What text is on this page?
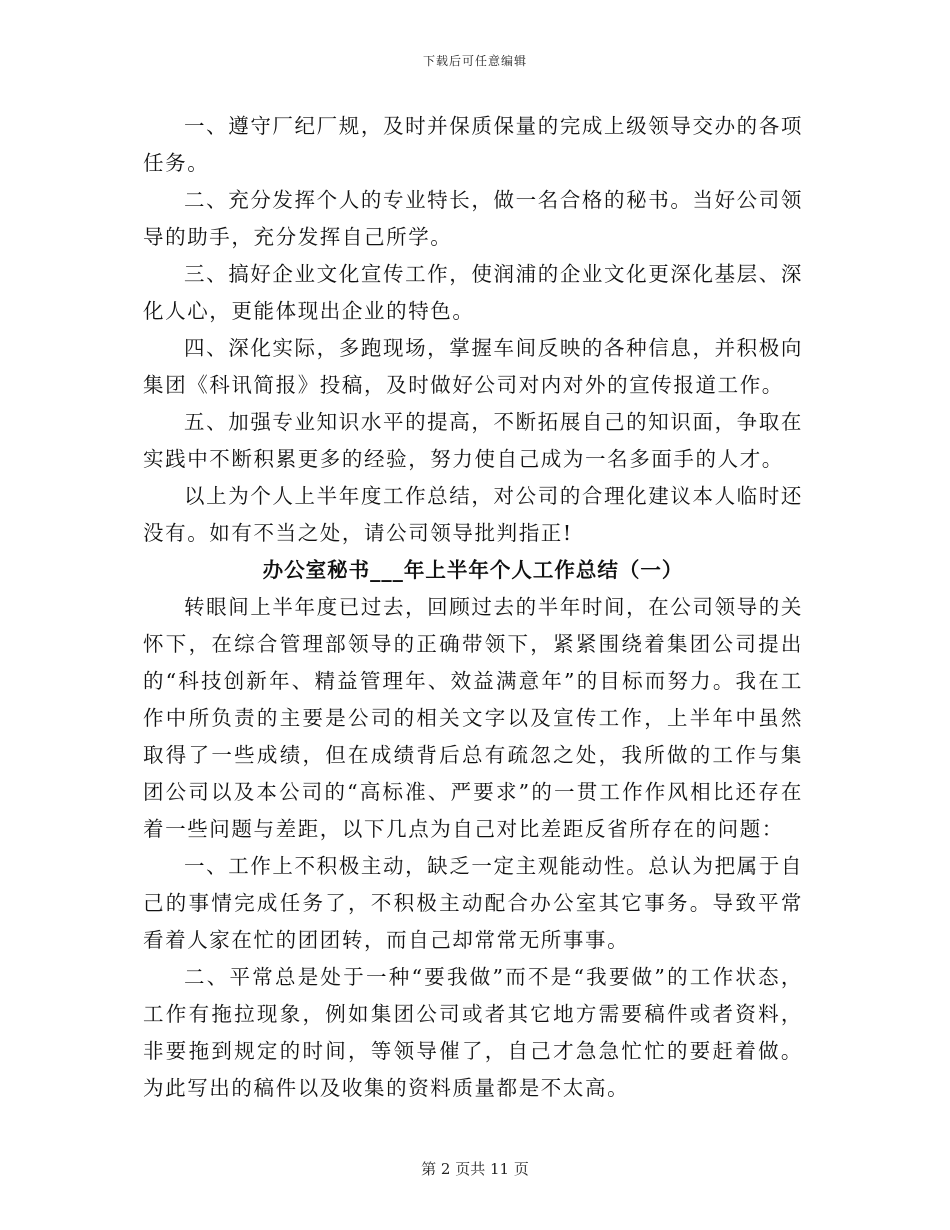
下载后可任意编辑

一、遵守厂纪厂规，及时并保质保量的完成上级领导交办的各项任务。

二、充分发挥个人的专业特长，做一名合格的秘书。当好公司领导的助手，充分发挥自己所学。

三、搞好企业文化宣传工作，使润浦的企业文化更深化基层、深化人心，更能体现出企业的特色。

四、深化实际，多跑现场，掌握车间反映的各种信息，并积极向集团《科讯简报》投稿，及时做好公司对内对外的宣传报道工作。

五、加强专业知识水平的提高，不断拓展自己的知识面，争取在实践中不断积累更多的经验，努力使自己成为一名多面手的人才。

以上为个人上半年度工作总结，对公司的合理化建议本人临时还没有。如有不当之处，请公司领导批判指正!

办公室秘书___年上半年个人工作总结（一）

转眼间上半年度已过去，回顾过去的半年时间，在公司领导的关怀下，在综合管理部领导的正确带领下，紧紧围绕着集团公司提出的“科技创新年、精益管理年、效益满意年”的目标而努力。我在工作中所负责的主要是公司的相关文字以及宣传工作，上半年中虽然取得了一些成绩，但在成绩背后总有疏忽之处，我所做的工作与集团公司以及本公司的“高标准、严要求”的一贯工作作风相比还存在着一些问题与差距，以下几点为自己对比差距反省所存在的问题：

一、工作上不积极主动，缺乏一定主观能动性。总认为把属于自己的事情完成任务了，不积极主动配合办公室其它事务。导致平常看着人家在忙的团团转，而自己却常常无所事事。

二、平常总是处于一种“要我做”而不是“我要做”的工作状态，工作有拖拉现象，例如集团公司或者其它地方需要稿件或者资料，非要拖到规定的时间，等领导催了，自己才急急忙忙的要赶着做。为此写出的稿件以及收集的资料质量都是不太高。

第 2 页共 11 页
